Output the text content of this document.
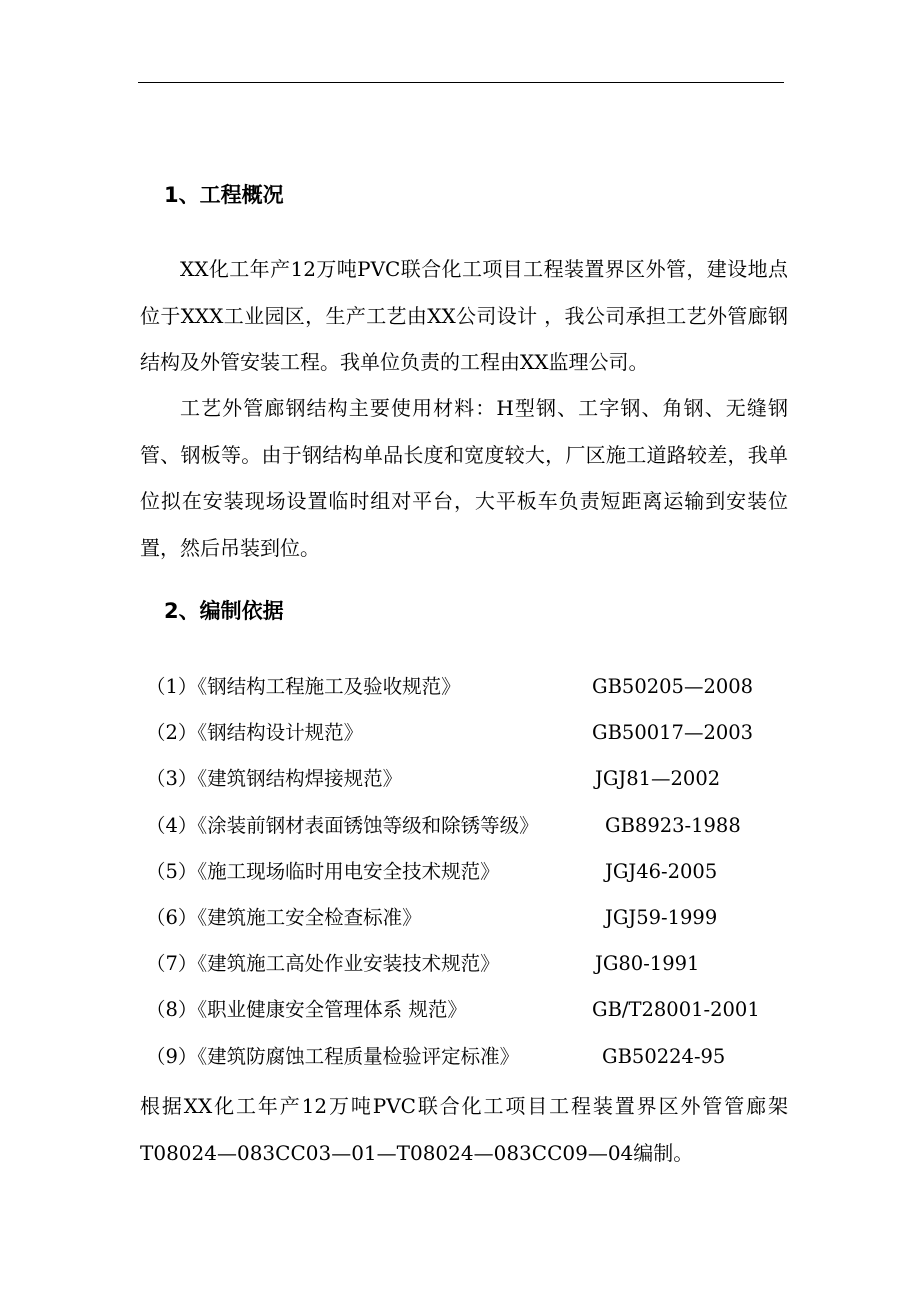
1、工程概况
XX化工年产12万吨PVC联合化工项目工程装置界区外管，建设地点位于XXX工业园区，生产工艺由XX公司设计 ，我公司承担工艺外管廊钢结构及外管安装工程。我单位负责的工程由XX监理公司。
工艺外管廊钢结构主要使用材料：H型钢、工字钢、角钢、无缝钢管、钢板等。由于钢结构单品长度和宽度较大，厂区施工道路较差，我单位拟在安装现场设置临时组对平台，大平板车负责短距离运输到安装位置，然后吊装到位。
2、编制依据
（1）《钢结构工程施工及验收规范》	GB50205—2008
（2）《钢结构设计规范》	GB50017—2003
（3）《建筑钢结构焊接规范》	JGJ81—2002
（4）《涂装前钢材表面锈蚀等级和除锈等级》	GB8923-1988
（5）《施工现场临时用电安全技术规范》	JGJ46-2005
（6）《建筑施工安全检查标准》	JGJ59-1999
（7）《建筑施工高处作业安装技术规范》	JG80-1991
（8）《职业健康安全管理体系 规范》	GB/T28001-2001
（9）《建筑防腐蚀工程质量检验评定标准》	GB50224-95
根据XX化工年产12万吨PVC联合化工项目工程装置界区外管管廊架T08024—083CC03—01—T08024—083CC09—04编制。
